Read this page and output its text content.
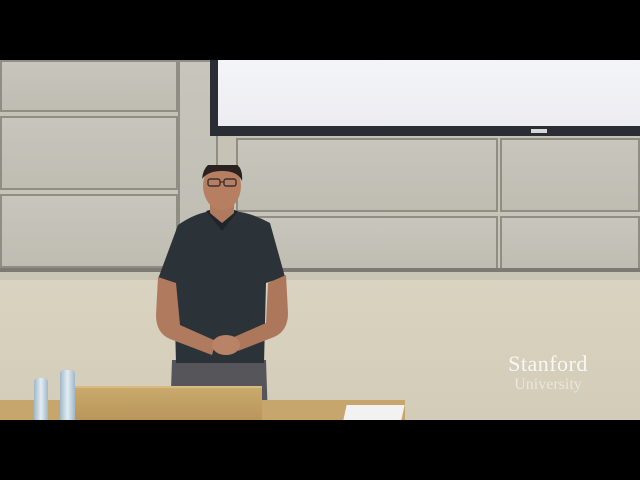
Stanford
University
